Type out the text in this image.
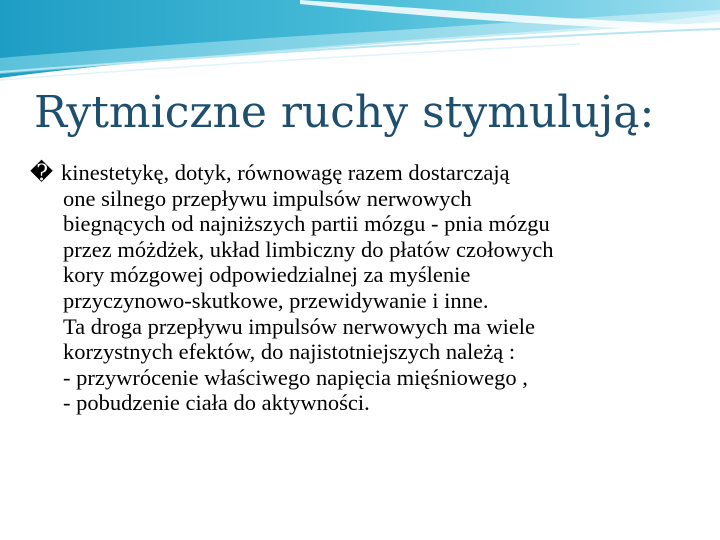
Rytmiczne ruchy stymulują:
� kinestetykę, dotyk, równowagę razem dostarczają
one silnego przepływu impulsów nerwowych
biegnących od najniższych partii mózgu - pnia mózgu
przez móżdżek, układ limbiczny do płatów czołowych
kory mózgowej odpowiedzialnej za myślenie
przyczynowo-skutkowe, przewidywanie i inne.
Ta droga przepływu impulsów nerwowych ma wiele
korzystnych efektów, do najistotniejszych należą :
- przywrócenie właściwego napięcia mięśniowego ,
- pobudzenie ciała do aktywności.
